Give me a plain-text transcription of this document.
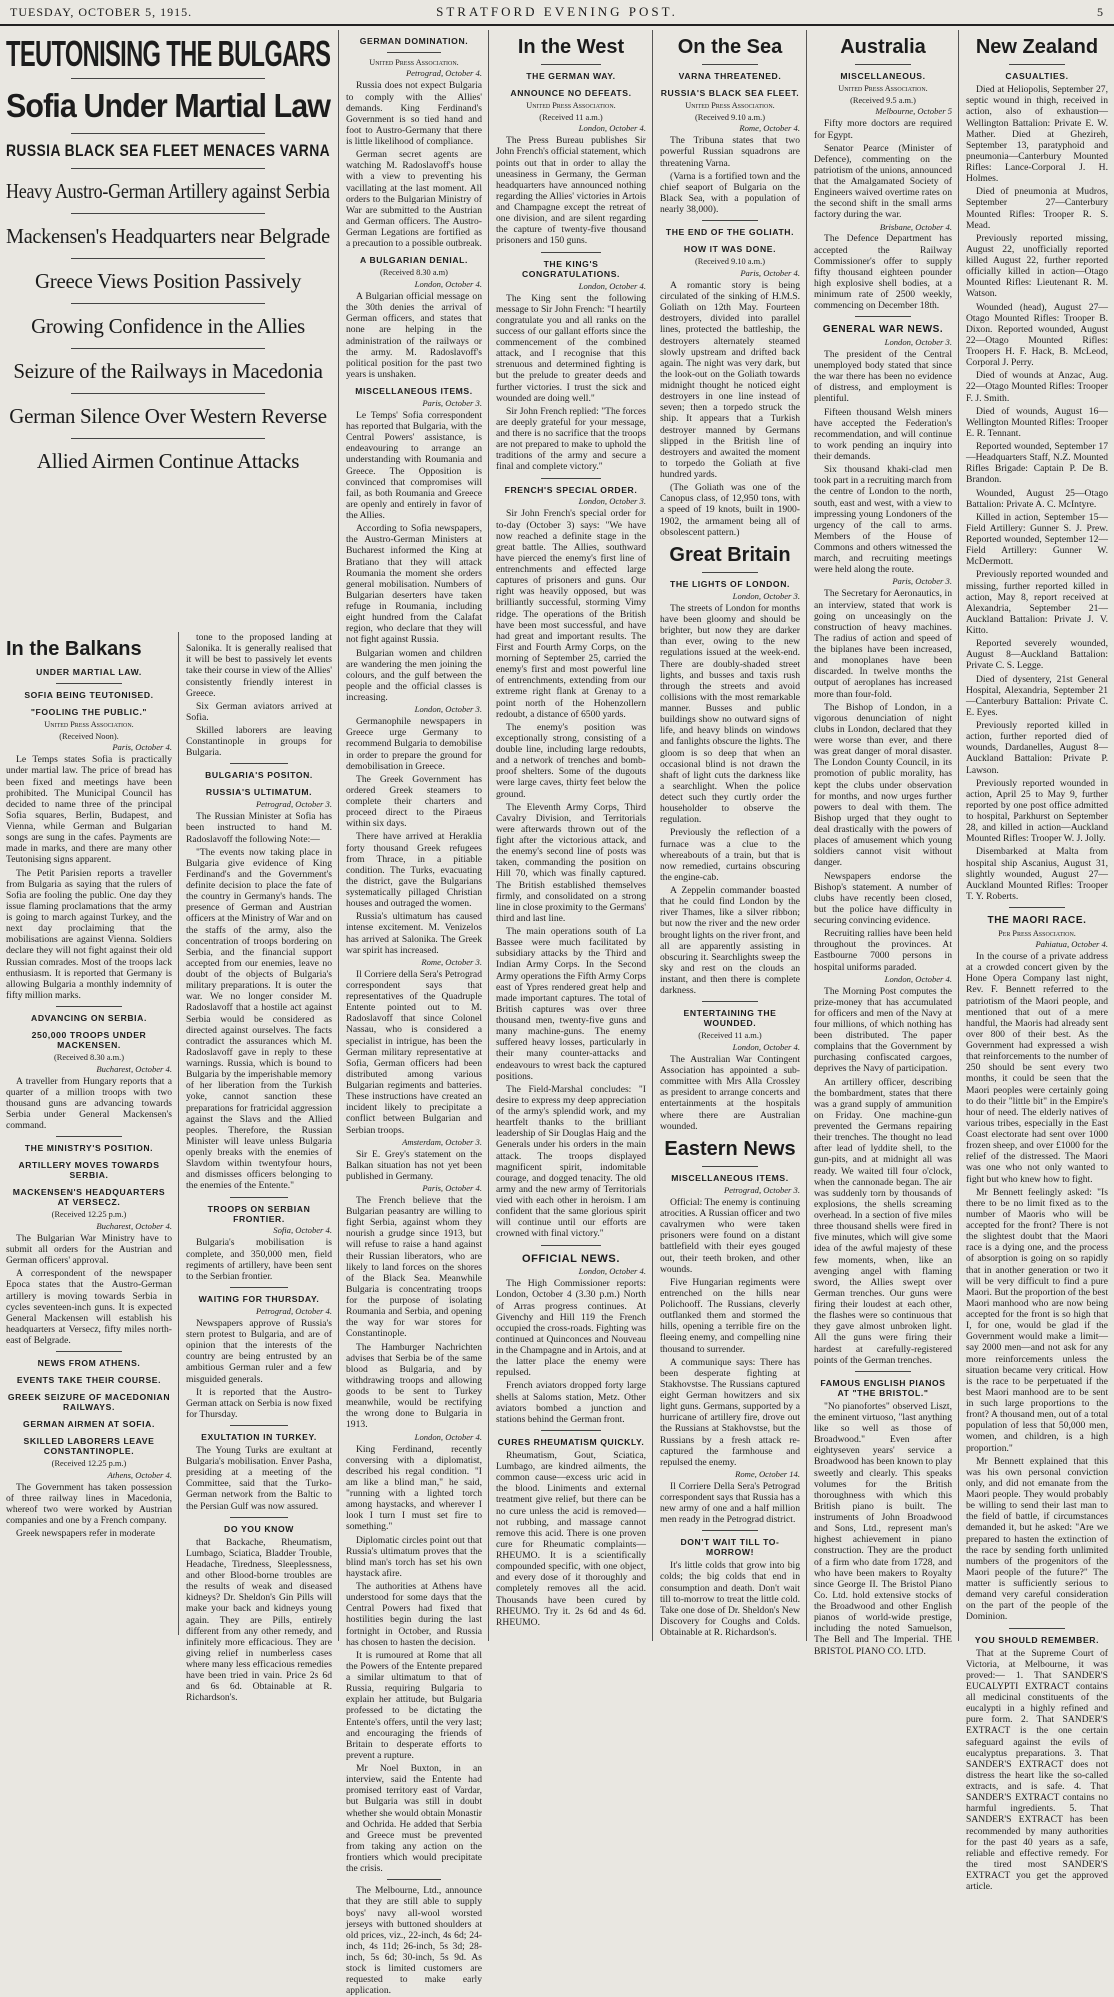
TUESDAY, OCTOBER 5, 1915.	STRATFORD EVENING POST.	5
TEUTONISING THE BULGARS
Sofia Under Martial Law
RUSSIA BLACK SEA FLEET MENACES VARNA
Heavy Austro-German Artillery against Serbia
Mackensen's Headquarters near Belgrade
Greece Views Position Passively
Growing Confidence in the Allies
Seizure of the Railways in Macedonia
German Silence Over Western Reverse
Allied Airmen Continue Attacks
In the Balkans
UNDER MARTIAL LAW.
SOFIA BEING TEUTONISED.
"FOOLING THE PUBLIC."
United Press Association.
(Received Noon).
Paris, October 4.

Le Temps states Sofia is practically under martial law. The price of bread has been fixed and meetings have been prohibited. The Municipal Council has decided to name three of the principal Sofia squares, Berlin, Budapest, and Vienna, while German and Bulgarian songs are sung in the cafes. Payments are made in marks, and there are many other Teutonising signs apparent.

The Petit Parisien reports a traveller from Bulgaria as saying that the rulers of Sofia are fooling the public. One day they issue flaming proclamations that the army is going to march against Turkey, and the next day proclaiming that the mobilisations are against Vienna. Soldiers declare they will not fight against their old Russian comrades. Most of the troops lack enthusiasm. It is reported that Germany is allowing Bulgaria a monthly indemnity of fifty million marks.

ADVANCING ON SERBIA.
250,000 TROOPS UNDER MACKENSEN.
(Received 8.30 a.m.)
Bucharest, October 4.

A traveller from Hungary reports that a quarter of a million troops with two thousand guns are advancing towards Serbia under General Mackensen's command.

THE MINISTRY'S POSITION.
ARTILLERY MOVES TOWARDS SERBIA.
MACKENSEN'S HEADQUARTERS AT VERSECZ.
(Received 12.25 p.m.)
Bucharest, October 4.

The Bulgarian War Ministry have to submit all orders for the Austrian and German officers' approval.

A correspondent of the newspaper Epoca states that the Austro-German artillery is moving towards Serbia in cycles seventeen-inch guns. It is expected General Mackensen will establish his headquarters at Versecz, fifty miles north-east of Belgrade.

NEWS FROM ATHENS.
EVENTS TAKE THEIR COURSE.
GREEK SEIZURE OF MACEDONIAN RAILWAYS.
GERMAN AIRMEN AT SOFIA.
SKILLED LABORERS LEAVE CONSTANTINOPLE.
(Received 12.25 p.m.)
Athens, October 4.

The Government has taken possession of three railway lines in Macedonia, whereof two were worked by Austrian companies and one by a French company.

Greek newspapers refer in moderate

tone to the proposed landing at Salonika. It is generally realised that it will be best to passively let events take their course in view of the Allies' consistently friendly interest in Greece.

Six German aviators arrived at Sofia.

Skilled laborers are leaving Constantinople in groups for Bulgaria.

BULGARIA'S POSITON.
RUSSIA'S ULTIMATUM.
Petrograd, October 3.

The Russian Minister at Sofia has been instructed to hand M. Radoslavoff the following Note:—

"The events now taking place in Bulgaria give evidence of King Ferdinand's and the Government's definite decision to place the fate of the country in Germany's hands. The presence of German and Austrian officers at the Ministry of War and on the staffs of the army, also the concentration of troops bordering on Serbia, and the financial support accepted from our enemies, leave no doubt of the objects of Bulgaria's military preparations. It is outer the war. We no longer consider M. Radoslavoff that a hostile act against Serbia would be considered as directed against ourselves. The facts contradict the assurances which M. Radoslavoff gave in reply to these warnings. Russia, which is bound to Bulgaria by the imperishable memory of her liberation from the Turkish yoke, cannot sanction these preparations for fratricidal aggression against the Slavs and the Allied peoples. Therefore, the Russian Minister will leave unless Bulgaria openly breaks with the enemies of Slavdom within twentyfour hours, and dismisses officers belonging to the enemies of the Entente."

TROOPS ON SERBIAN FRONTIER.
Sofia, October 4.

Bulgaria's mobilisation is complete, and 350,000 men, field regiments of artillery, have been sent to the Serbian frontier.

WAITING FOR THURSDAY.
Petrograd, October 4.

Newspapers approve of Russia's stern protest to Bulgaria, and are of opinion that the interests of the country are being entrusted by an ambitious German ruler and a few misguided generals.

It is reported that the Austro-German attack on Serbia is now fixed for Thursday.

EXULTATION IN TURKEY.

The Young Turks are exultant at Bulgaria's mobilisation. Enver Pasha, presiding at a meeting of the Committee, said that the Turko-German network from the Baltic to the Persian Gulf was now assured.

DO YOU KNOW

that Backache, Rheumatism, Lumbago, Sciatica, Bladder Trouble, Headache, Tiredness, Sleeplessness, and other Blood-borne troubles are the results of weak and diseased kidneys? Dr. Sheldon's Gin Pills will make your back and kidneys young again. They are Pills, entirely different from any other remedy, and infinitely more efficacious. They are giving relief in numberless cases where many less efficacious remedies have been tried in vain. Price 2s 6d and 6s 6d. Obtainable at R. Richardson's.

GERMAN DOMINATION.
United Press Association.
Petrograd, October 4.

Russia does not expect Bulgaria to comply with the Allies' demands. King Ferdinand's Government is so tied hand and foot to Austro-Germany that there is little likelihood of compliance.

German secret agents are watching M. Radoslavoff's house with a view to preventing his vacillating at the last moment. All orders to the Bulgarian Ministry of War are submitted to the Austrian and German officers. The Austro-German Legations are fortified as a precaution to a possible outbreak.

A BULGARIAN DENIAL.
(Received 8.30 a.m)
London, October 4.

A Bulgarian official message on the 30th denies the arrival of German officers, and states that none are helping in the administration of the railways or the army. M. Radoslavoff's political position for the past two years is unshaken.

MISCELLANEOUS ITEMS.
Paris, October 3.

Le Temps' Sofia correspondent has reported that Bulgaria, with the Central Powers' assistance, is endeavouring to arrange an understanding with Roumania and Greece. The Opposition is convinced that compromises will fail, as both Roumania and Greece are openly and entirely in favor of the Allies.

According to Sofia newspapers, the Austro-German Ministers at Bucharest informed the King at Bratiano that they will attack Roumania the moment she orders general mobilisation. Numbers of Bulgarian deserters have taken refuge in Roumania, including eight hundred from the Calafat region, who declare that they will not fight against Russia.

Bulgarian women and children are wandering the men joining the colours, and the gulf between the people and the official classes is increasing.

London, October 3.

Germanophile newspapers in Greece urge Germany to recommend Bulgaria to demobilise in order to prepare the ground for demobilisation in Greece.

The Greek Government has ordered Greek steamers to complete their charters and proceed direct to the Piraeus within six days.

There have arrived at Heraklia forty thousand Greek refugees from Thrace, in a pitiable condition. The Turks, evacuating the district, gave the Bulgarians systematically pillaged Christian houses and outraged the women.

Russia's ultimatum has caused intense excitement. M. Venizelos has arrived at Salonika. The Greek war spirit has increased.

Rome, October 3.

Il Corriere della Sera's Petrograd correspondent says that representatives of the Quadruple Entente pointed out to M. Radoslavoff that since Colonel Nassau, who is considered a specialist in intrigue, has been the German military representative at Sofia, German officers had been distributed among various Bulgarian regiments and batteries. These instructions have created an incident likely to precipitate a conflict between Bulgarian and Serbian troops.

Amsterdam, October 3.

Sir E. Grey's statement on the Balkan situation has not yet been published in Germany.

Paris, October 4.

The French believe that the Bulgarian peasantry are willing to fight Serbia, against whom they nourish a grudge since 1913, but will refuse to raise a hand against their Russian liberators, who are likely to land forces on the shores of the Black Sea. Meanwhile Bulgaria is concentrating troops for the purpose of isolating Roumania and Serbia, and opening the way for war stores for Constantinople.

The Hamburger Nachrichten advises that Serbia be of the same blood as Bulgaria, and by withdrawing troops and allowing goods to be sent to Turkey meanwhile, would be rectifying the wrong done to Bulgaria in 1913.

London, October 4.

King Ferdinand, recently conversing with a diplomatist, described his regal condition. "I am like a blind man," he said, "running with a lighted torch among haystacks, and wherever I look I turn I must set fire to something."

Diplomatic circles point out that Russia's ultimatum proves that the blind man's torch has set his own haystack afire.

The authorities at Athens have understood for some days that the Central Powers had fixed that hostilities begin during the last fortnight in October, and Russia has chosen to hasten the decision.

It is rumoured at Rome that all the Powers of the Entente prepared a similar ultimatum to that of Russia, requiring Bulgaria to explain her attitude, but Bulgaria professed to be dictating the Entente's offers, until the very last; and encouraging the friends of Britain to desperate efforts to prevent a rupture.

Mr Noel Buxton, in an interview, said the Entente had promised territory east of Vardar, but Bulgaria was still in doubt whether she would obtain Monastir and Ochrida. He added that Serbia and Greece must be prevented from taking any action on the frontiers which would precipitate the crisis.

The Melbourne, Ltd., announce that they are still able to supply boys' navy all-wool worsted jerseys with buttoned shoulders at old prices, viz., 22-inch, 4s 6d; 24-inch, 4s 11d; 26-inch, 5s 3d; 28-inch, 5s 6d; 30-inch, 5s 9d. As stock is limited customers are requested to make early application.

In the West
THE GERMAN WAY.
ANNOUNCE NO DEFEATS.
United Press Association.
(Received 11 a.m.)
London, October 4.

The Press Bureau publishes Sir John French's official statement, which points out that in order to allay the uneasiness in Germany, the German headquarters have announced nothing regarding the Allies' victories in Artois and Champagne except the retreat of one division, and are silent regarding the capture of twenty-five thousand prisoners and 150 guns.

THE KING'S CONGRATULATIONS.
London, October 4.

The King sent the following message to Sir John French: "I heartily congratulate you and all ranks on the success of our gallant efforts since the commencement of the combined attack, and I recognise that this strenuous and determined fighting is but the prelude to greater deeds and further victories. I trust the sick and wounded are doing well."

Sir John French replied: "The forces are deeply grateful for your message, and there is no sacrifice that the troops are not prepared to make to uphold the traditions of the army and secure a final and complete victory."

FRENCH'S SPECIAL ORDER.
London, October 3.

Sir John French's special order for to-day (October 3) says: "We have now reached a definite stage in the great battle. The Allies, southward have pierced the enemy's first line of entrenchments and effected large captures of prisoners and guns. Our right was heavily opposed, but was brilliantly successful, storming Vimy ridge. The operations of the British have been most successful, and have had great and important results. The First and Fourth Army Corps, on the morning of September 25, carried the enemy's first and most powerful line of entrenchments, extending from our extreme right flank at Grenay to a point north of the Hohenzollern redoubt, a distance of 6500 yards.

The enemy's position was exceptionally strong, consisting of a double line, including large redoubts, and a network of trenches and bomb-proof shelters. Some of the dugouts were large caves, thirty feet below the ground.

The Eleventh Army Corps, Third Cavalry Division, and Territorials were afterwards thrown out of the fight after the victorious attack, and the enemy's second line of posts was taken, commanding the position on Hill 70, which was finally captured. The British established themselves firmly, and consolidated on a strong line in close proximity to the Germans' third and last line.

The main operations south of La Bassee were much facilitated by subsidiary attacks by the Third and Indian Army Corps. In the Second Army operations the Fifth Army Corps east of Ypres rendered great help and made important captures. The total of British captures was over three thousand men, twenty-five guns and many machine-guns. The enemy suffered heavy losses, particularly in their many counter-attacks and endeavours to wrest back the captured positions.

The Field-Marshal concludes: "I desire to express my deep appreciation of the army's splendid work, and my heartfelt thanks to the brilliant leadership of Sir Douglas Haig and the Generals under his orders in the main attack. The troops displayed magnificent spirit, indomitable courage, and dogged tenacity. The old army and the new army of Territorials vied with each other in heroism. I am confident that the same glorious spirit will continue until our efforts are crowned with final victory."

OFFICIAL NEWS.
London, October 4.

The High Commissioner reports: London, October 4 (3.30 p.m.) North of Arras progress continues. At Givenchy and Hill 119 the French occupied the cross-roads. Fighting was continued at Quinconces and Nouveau in the Champagne and in Artois, and at the latter place the enemy were repulsed.

French aviators dropped forty large shells at Saloms station, Metz. Other aviators bombed a junction and stations behind the German front.

CURES RHEUMATISM QUICKLY.

Rheumatism, Gout, Sciatica, Lumbago, are kindred ailments, the common cause—excess uric acid in the blood. Liniments and external treatment give relief, but there can be no cure unless the acid is removed—not rubbing, and massage cannot remove this acid. There is one proven cure for Rheumatic complaints—RHEUMO. It is a scientifically compounded specific, with one object, and every dose of it thoroughly and completely removes all the acid. Thousands have been cured by RHEUMO. Try it. 2s 6d and 4s 6d. RHEUMO.

On the Sea
VARNA THREATENED.
RUSSIA'S BLACK SEA FLEET.
United Press Association.
(Received 9.10 a.m.)
Rome, October 4.

The Tribuna states that two powerful Russian squadrons are threatening Varna.

(Varna is a fortified town and the chief seaport of Bulgaria on the Black Sea, with a population of nearly 38,000).

THE END OF THE GOLIATH.
HOW IT WAS DONE.
(Received 9.10 a.m.)
Paris, October 4.

A romantic story is being circulated of the sinking of H.M.S. Goliath on 12th May. Fourteen destroyers, divided into parallel lines, protected the battleship, the destroyers alternately steamed slowly upstream and drifted back again. The night was very dark, but the look-out on the Goliath towards midnight thought he noticed eight destroyers in one line instead of seven; then a torpedo struck the ship. It appears that a Turkish destroyer manned by Germans slipped in the British line of destroyers and awaited the moment to torpedo the Goliath at five hundred yards.

(The Goliath was one of the Canopus class, of 12,950 tons, with a speed of 19 knots, built in 1900-1902, the armament being all of obsolescent pattern.)

Great Britain
THE LIGHTS OF LONDON.
London, October 3.

The streets of London for months have been gloomy and should be brighter, but now they are darker than ever, owing to the new regulations issued at the week-end. There are doubly-shaded street lights, and busses and taxis rush through the streets and avoid collisions with the most remarkable manner. Busses and public buildings show no outward signs of life, and heavy blinds on windows and fanlights obscure the lights. The gloom is so deep that when an occasional blind is not drawn the shaft of light cuts the darkness like a searchlight. When the police detect such they curtly order the householder to observe the regulation.

Previously the reflection of a furnace was a clue to the whereabouts of a train, but that is now remedied, curtains obscuring the engine-cab.

A Zeppelin commander boasted that he could find London by the river Thames, like a silver ribbon; but now the river and the new order brought lights on the river front, and all are apparently assisting in obscuring it. Searchlights sweep the sky and rest on the clouds an instant, and then there is complete darkness.

ENTERTAINING THE WOUNDED.
(Received 11 a.m.)
London, October 4.

The Australian War Contingent Association has appointed a sub-committee with Mrs Alla Crossley as president to arrange concerts and entertainments at the hospitals where there are Australian wounded.

Eastern News
MISCELLANEOUS ITEMS.
Petrograd, October 3.

Official: The enemy is continuing atrocities. A Russian officer and two cavalrymen who were taken prisoners were found on a distant battlefield with their eyes gouged out, their teeth broken, and other wounds.

Five Hungarian regiments were entrenched on the hills near Polichooff. The Russians, cleverly outflanked them and stormed the hills, opening a terrible fire on the fleeing enemy, and compelling nine thousand to surrender.

A communique says: There has been desperate fighting at Stakhovstse. The Russians captured eight German howitzers and six light guns. Germans, supported by a hurricane of artillery fire, drove out the Russians at Stakhovstse, but the Russians by a fresh attack re-captured the farmhouse and repulsed the enemy.

Rome, October 14.

Il Corriere Della Sera's Petrograd correspondent says that Russia has a new army of one and a half million men ready in the Petrograd district.

DON'T WAIT TILL TO-MORROW!

It's little colds that grow into big colds; the big colds that end in consumption and death. Don't wait till to-morrow to treat the little cold. Take one dose of Dr. Sheldon's New Discovery for Coughs and Colds. Obtainable at R. Richardson's.

Australia
MISCELLANEOUS.
United Press Association.
(Received 9.5 a.m.)
Melbourne, October 5

Fifty more doctors are required for Egypt.

Senator Pearce (Minister of Defence), commenting on the patriotism of the unions, announced that the Amalgamated Society of Engineers waived overtime rates on the second shift in the small arms factory during the war.

Brisbane, October 4.

The Defence Department has accepted the Railway Commissioner's offer to supply fifty thousand eighteen pounder high explosive shell bodies, at a minimum rate of 2500 weekly, commencing on December 18th.

GENERAL WAR NEWS.
London, October 3.

The president of the Central unemployed body stated that since the war there has been no evidence of distress, and employment is plentiful.

Fifteen thousand Welsh miners have accepted the Federation's recommendation, and will continue to work pending an inquiry into their demands.

Six thousand khaki-clad men took part in a recruiting march from the centre of London to the north, south, east and west, with a view to impressing young Londoners of the urgency of the call to arms. Members of the House of Commons and others witnessed the march, and recruiting meetings were held along the route.

Paris, October 3.

The Secretary for Aeronautics, in an interview, stated that work is going on unceasingly on the construction of heavy machines. The radius of action and speed of the biplanes have been increased, and monoplanes have been discarded. In twelve months the output of aeroplanes has increased more than four-fold.

The Bishop of London, in a vigorous denunciation of night clubs in London, declared that they were worse than ever, and there was great danger of moral disaster. The London County Council, in its promotion of public morality, has kept the clubs under observation for months, and now urges further powers to deal with them. The Bishop urged that they ought to deal drastically with the powers of places of amusement which young soldiers cannot visit without danger.

Newspapers endorse the Bishop's statement. A number of clubs have recently been closed, but the police have difficulty in securing convincing evidence.

Recruiting rallies have been held throughout the provinces. At Eastbourne 7000 persons in hospital uniforms paraded.

London, October 4.

The Morning Post computes the prize-money that has accumulated for officers and men of the Navy at four millions, of which nothing has been distributed. The paper complains that the Government by purchasing confiscated cargoes, deprives the Navy of participation.

An artillery officer, describing the bombardment, states that there was a grand supply of ammunition on Friday. One machine-gun prevented the Germans repairing their trenches. The thought no lead after lead of lyddite shell, to the gun-pits, and at midnight all was ready. We waited till four o'clock, when the cannonade began. The air was suddenly torn by thousands of explosions, the shells screaming overhead. In a section of five miles three thousand shells were fired in five minutes, which will give some idea of the awful majesty of these few moments, when, like an avenging angel with flaming sword, the Allies swept over German trenches. Our guns were firing their loudest at each other, the flashes were so continuous that they gave almost unbroken light. All the guns were firing their hardest at carefully-registered points of the German trenches.

FAMOUS ENGLISH PIANOS AT "THE BRISTOL."

"No pianofortes" observed Liszt, the eminent virtuoso, "last anything like so well as those of Broadwood." Even after eightyseven years' service a Broadwood has been known to play sweetly and clearly. This speaks volumes for the British thoroughness with which this British piano is built. The instruments of John Broadwood and Sons, Ltd., represent man's highest achievement in piano construction. They are the product of a firm who date from 1728, and who have been makers to Royalty since George II. The Bristol Piano Co. Ltd. hold extensive stocks of the Broadwood and other English pianos of world-wide prestige, including the noted Samuelson, The Bell and The Imperial. THE BRISTOL PIANO CO. LTD.

New Zealand
CASUALTIES.

Died at Heliopolis, September 27, septic wound in thigh, received in action, also of exhaustion—Wellington Battalion: Private E. W. Mather. Died at Ghezireh, September 13, paratyphoid and pneumonia—Canterbury Mounted Rifles: Lance-Corporal J. H. Holmes.

Died of pneumonia at Mudros, September 27—Canterbury Mounted Rifles: Trooper R. S. Mead.

Previously reported missing, August 22, unofficially reported killed August 22, further reported officially killed in action—Otago Mounted Rifles: Lieutenant R. M. Watson.

Wounded (head), August 27—Otago Mounted Rifles: Trooper B. Dixon. Reported wounded, August 22—Otago Mounted Rifles: Troopers H. F. Hack, B. McLeod, Corporal J. Perry.

Died of wounds at Anzac, Aug. 22—Otago Mounted Rifles: Trooper F. J. Smith.

Died of wounds, August 16—Wellington Mounted Rifles: Trooper E. R. Tennant.

Reported wounded, September 17—Headquarters Staff, N.Z. Mounted Rifles Brigade: Captain P. De B. Brandon.

Wounded, August 25—Otago Battalion: Private A. C. McIntyre.

Killed in action, September 15—Field Artillery: Gunner S. J. Prew. Reported wounded, September 12—Field Artillery: Gunner W. McDermott.

Previously reported wounded and missing, further reported killed in action, May 8, report received at Alexandria, September 21—Auckland Battalion: Private J. V. Kitto.

Reported severely wounded, August 8—Auckland Battalion: Private C. S. Legge.

Died of dysentery, 21st General Hospital, Alexandria, September 21—Canterbury Battalion: Private C. E. Eyes.

Previously reported killed in action, further reported died of wounds, Dardanelles, August 8—Auckland Battalion: Private P. Lawson.

Previously reported wounded in action, April 25 to May 9, further reported by one post office admitted to hospital, Parkhurst on September 28, and killed in action—Auckland Mounted Rifles: Trooper W. J. Jolly.

Disembarked at Malta from hospital ship Ascanius, August 31, slightly wounded, August 27—Auckland Mounted Rifles: Trooper T. Y. Roberts.

THE MAORI RACE.
Per Press Association.
Pahiatua, October 4.

In the course of a private address at a crowded concert given by the Hone Opera Company last night, Rev. F. Bennett referred to the patriotism of the Maori people, and mentioned that out of a mere handful, the Maoris had already sent over 800 of their best. As the Government had expressed a wish that reinforcements to the number of 250 should be sent every two months, it could be seen that the Maori peoples were certainly going to do their "little bit" in the Empire's hour of need. The elderly natives of various tribes, especially in the East Coast electorate had sent over 1000 frozen sheep, and over £1000 for the relief of the distressed. The Maori was one who not only wanted to fight but who knew how to fight.

Mr Bennett feelingly asked: "Is there to be no limit fixed as to the number of Maoris who will be accepted for the front? There is not the slightest doubt that the Maori race is a dying one, and the process of absorption is going on so rapidly that in another generation or two it will be very difficult to find a pure Maori. But the proportion of the best Maori manhood who are now being accepted for the front is so high that I, for one, would be glad if the Government would make a limit—say 2000 men—and not ask for any more reinforcements unless the situation became very critical. How is the race to be perpetuated if the best Maori manhood are to be sent in such large proportions to the front? A thousand men, out of a total population of less that 50,000 men, women, and children, is a high proportion."

Mr Bennett explained that this was his own personal conviction only, and did not emanate from the Maori people. They would probably be willing to send their last man to the field of battle, if circumstances demanded it, but he asked: "Are we prepared to hasten the extinction of the race by sending forth unlimited numbers of the progenitors of the Maori people of the future?" The matter is sufficiently serious to demand very careful consideration on the part of the people of the Dominion.

YOU SHOULD REMEMBER.

That at the Supreme Court of Victoria, at Melbourne, it was proved:— 1. That SANDER'S EUCALYPTI EXTRACT contains all medicinal constituents of the eucalypti in a highly refined and pure form. 2. That SANDER'S EXTRACT is the one certain safeguard against the evils of eucalyptus preparations. 3. That SANDER'S EXTRACT does not distress the heart like the so-called extracts, and is safe. 4. That SANDER'S EXTRACT contains no harmful ingredients. 5. That SANDER'S EXTRACT has been recommended by many authorities for the past 40 years as a safe, reliable and effective remedy. For the tired most SANDER'S EXTRACT you get the approved article.
